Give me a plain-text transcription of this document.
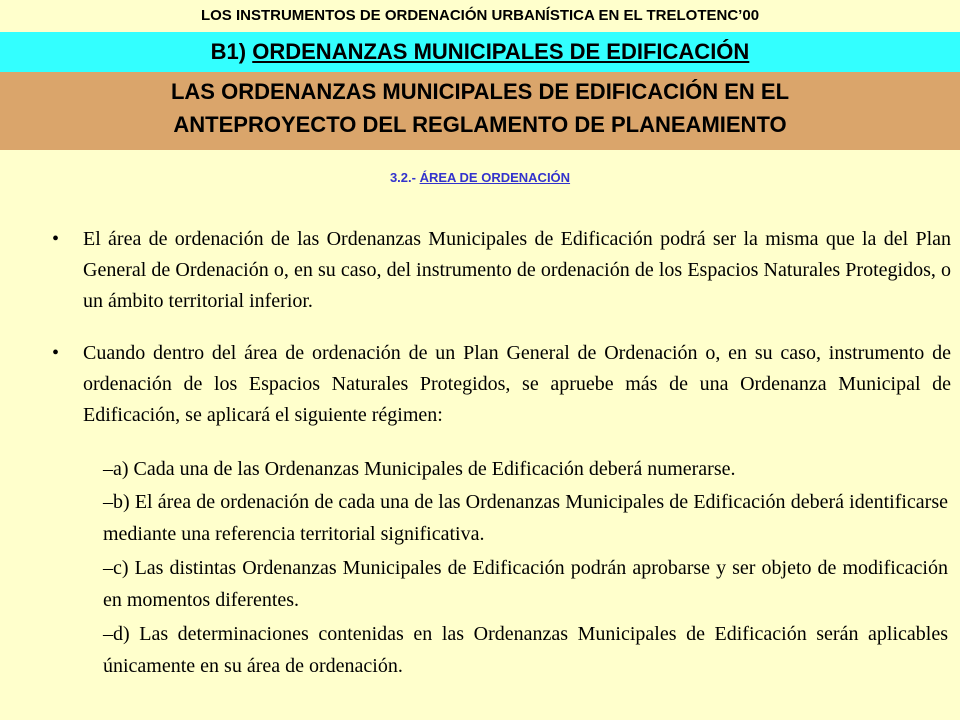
LOS INSTRUMENTOS DE ORDENACIÓN URBANÍSTICA EN EL TRELOTENC’00
B1) ORDENANZAS MUNICIPALES DE EDIFICACIÓN
LAS ORDENANZAS MUNICIPALES DE EDIFICACIÓN EN EL
ANTEPROYECTO DEL REGLAMENTO DE PLANEAMIENTO
3.2.- ÁREA DE ORDENACIÓN
• El área de ordenación de las Ordenanzas Municipales de Edificación podrá ser la misma que la del Plan General de Ordenación o, en su caso, del instrumento de ordenación de los Espacios Naturales Protegidos, o un ámbito territorial inferior.
• Cuando dentro del área de ordenación de un Plan General de Ordenación o, en su caso, instrumento de ordenación de los Espacios Naturales Protegidos, se apruebe más de una Ordenanza Municipal de Edificación, se aplicará el siguiente régimen:
–a) Cada una de las Ordenanzas Municipales de Edificación deberá numerarse.
–b) El área de ordenación de cada una de las Ordenanzas Municipales de Edificación deberá identificarse mediante una referencia territorial significativa.
–c) Las distintas Ordenanzas Municipales de Edificación podrán aprobarse y ser objeto de modificación en momentos diferentes.
–d) Las determinaciones contenidas en las Ordenanzas Municipales de Edificación serán aplicables únicamente en su área de ordenación.
